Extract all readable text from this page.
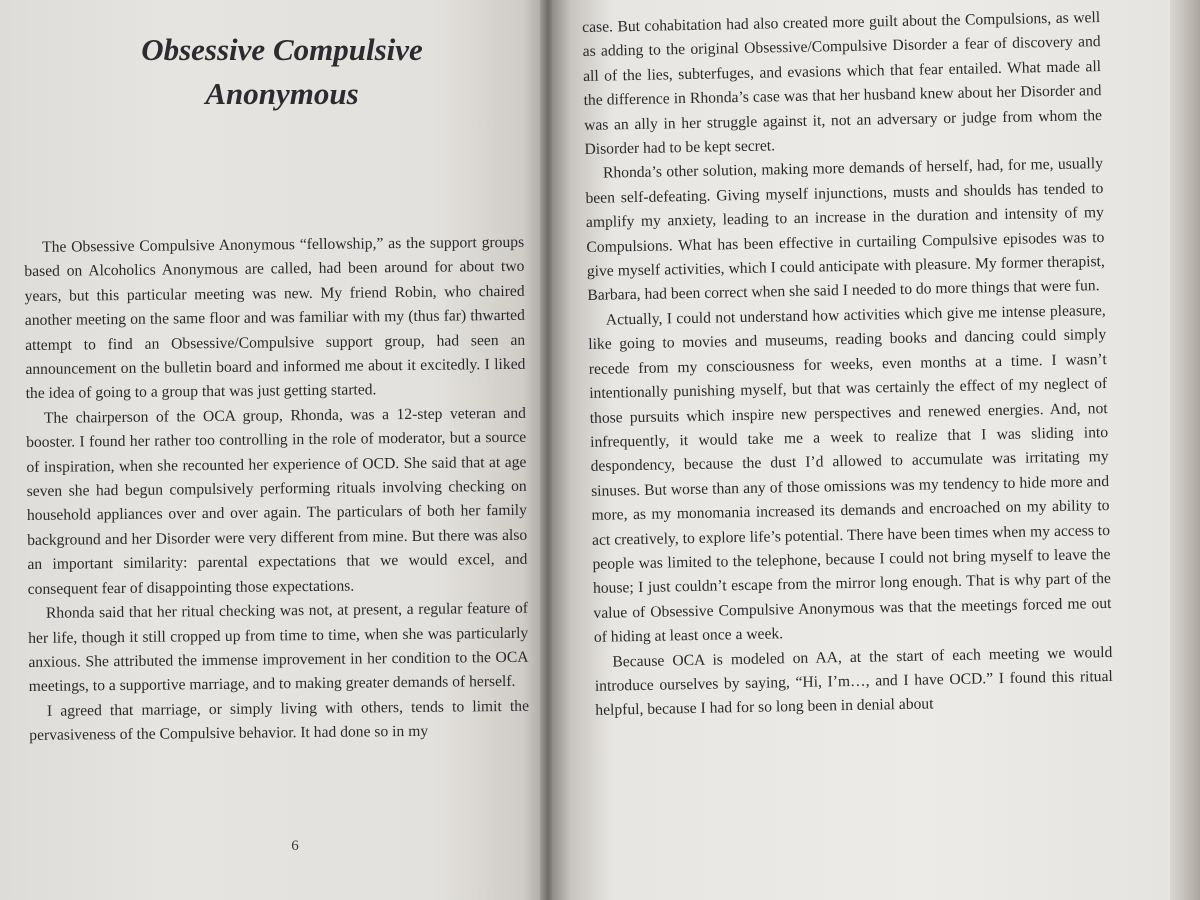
Obsessive Compulsive
Anonymous

The Obsessive Compulsive Anonymous “fellowship,” as the support groups based on Alcoholics Anonymous are called, had been around for about two years, but this particular meeting was new. My friend Robin, who chaired another meeting on the same floor and was familiar with my (thus far) thwarted attempt to find an Obsessive/Compulsive support group, had seen an announcement on the bulletin board and informed me about it excitedly. I liked the idea of going to a group that was just getting started.

The chairperson of the OCA group, Rhonda, was a 12-step veteran and booster. I found her rather too controlling in the role of moderator, but a source of inspiration, when she recounted her experience of OCD. She said that at age seven she had begun compulsively performing rituals involving checking on household appliances over and over again. The particulars of both her family background and her Disorder were very different from mine. But there was also an important similarity: parental expectations that we would excel, and consequent fear of disappointing those expectations.

Rhonda said that her ritual checking was not, at present, a regular feature of her life, though it still cropped up from time to time, when she was particularly anxious. She attributed the immense improvement in her condition to the OCA meetings, to a supportive marriage, and to making greater demands of herself.

I agreed that marriage, or simply living with others, tends to limit the pervasiveness of the Compulsive behavior. It had done so in my

6

case. But cohabitation had also created more guilt about the Compulsions, as well as adding to the original Obsessive/Compulsive Disorder a fear of discovery and all of the lies, subterfuges, and evasions which that fear entailed. What made all the difference in Rhonda’s case was that her husband knew about her Disorder and was an ally in her struggle against it, not an adversary or judge from whom the Disorder had to be kept secret.

Rhonda’s other solution, making more demands of herself, had, for me, usually been self-defeating. Giving myself injunctions, musts and shoulds has tended to amplify my anxiety, leading to an increase in the duration and intensity of my Compulsions. What has been effective in curtailing Compulsive episodes was to give myself activities, which I could anticipate with pleasure. My former therapist, Barbara, had been correct when she said I needed to do more things that were fun.

Actually, I could not understand how activities which give me intense pleasure, like going to movies and museums, reading books and dancing could simply recede from my consciousness for weeks, even months at a time. I wasn’t intentionally punishing myself, but that was certainly the effect of my neglect of those pursuits which inspire new perspectives and renewed energies. And, not infrequently, it would take me a week to realize that I was sliding into despondency, because the dust I’d allowed to accumulate was irritating my sinuses. But worse than any of those omissions was my tendency to hide more and more, as my monomania increased its demands and encroached on my ability to act creatively, to explore life’s potential. There have been times when my access to people was limited to the telephone, because I could not bring myself to leave the house; I just couldn’t escape from the mirror long enough. That is why part of the value of Obsessive Compulsive Anonymous was that the meetings forced me out of hiding at least once a week.

Because OCA is modeled on AA, at the start of each meeting we would introduce ourselves by saying, “Hi, I’m…, and I have OCD.” I found this ritual helpful, because I had for so long been in denial about
